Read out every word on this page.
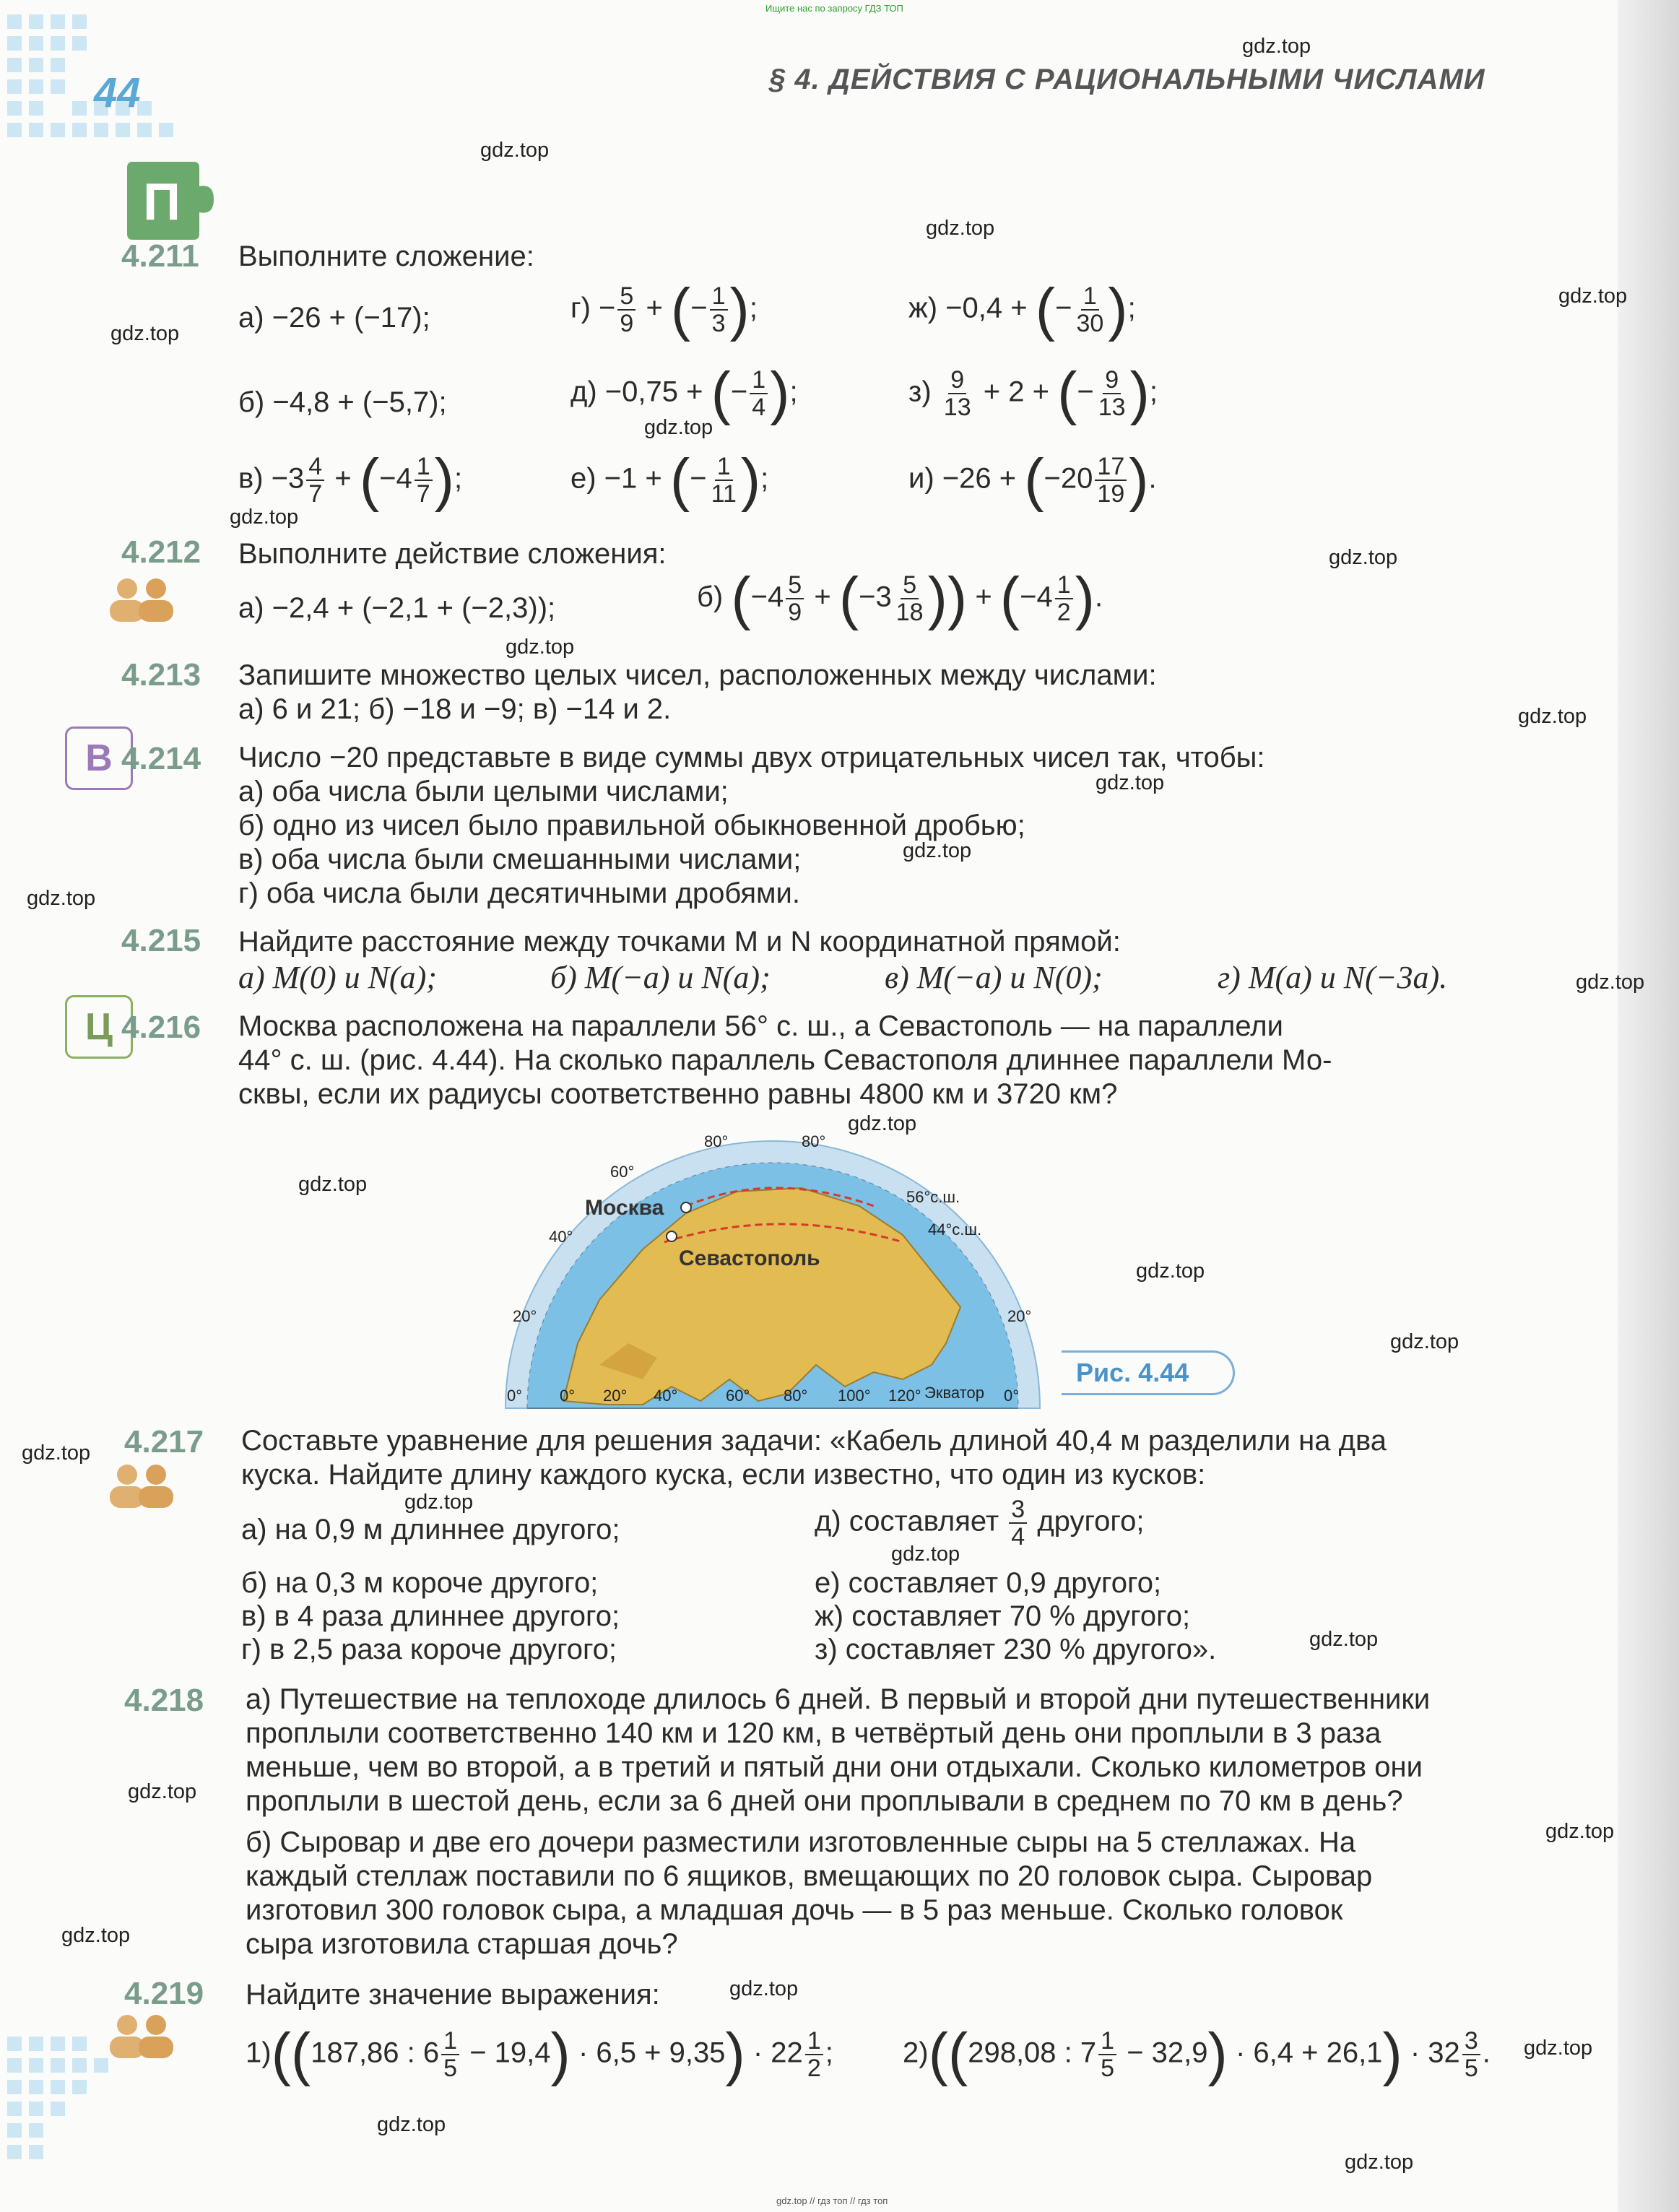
Ищите нас по запросу ГДЗ ТОП
gdz.top // гдз топ // гдз топ
44	§ 4. ДЕЙСТВИЯ С РАЦИОНАЛЬНЫМИ ЧИСЛАМИ
gdz.top
gdz.top
gdz.top
gdz.top
gdz.top
gdz.top
gdz.top
gdz.top
gdz.top
gdz.top
gdz.top
gdz.top
gdz.top
gdz.top
gdz.top
gdz.top
gdz.top
gdz.top
gdz.top
gdz.top
gdz.top
gdz.top
gdz.top
gdz.top
gdz.top
gdz.top
gdz.top
gdz.top
gdz.top
П
4.211 Выполните сложение:
а) −26 + (−17);	$г) - \frac{5}{9}$ + (− $\frac{1}{3}$ );	ж) −0,4 + (− $\frac{1}{30}$ );
б) −4,8 + (−5,7);	д) −0,75 + (− $\frac{1}{4}$ );	$з) \frac{9}{13} + 2$ + (− $\frac{9}{13}$ );
$в) -3 \frac{4}{7} + (-4 \frac{1}{7}$ );	е) −1 + (− $\frac{1}{11}$ );	$и) -26 + (-20 \frac{17}{19}$ ).
4.212 Выполните действие сложения:
а) −2,4 + (−2,1 + (−2,3));	б) ($-4 \frac{5}{9} + (-3 \frac{5}{18}$ )) + ($-4 \frac{1}{2}$ ).
4.213 Запишите множество целых чисел, расположенных между числами:
а) 6 и 21; б) −18 и −9; в) −14 и 2.
В 4.214 Число −20 представьте в виде суммы двух отрицательных чисел так, чтобы:
а) оба числа были целыми числами;
б) одно из чисел было правильной обыкновенной дробью;
в) оба числа были смешанными числами;
г) оба числа были десятичными дробями.
4.215 Найдите расстояние между точками M и N координатной прямой:
а) M(0) и N(a);	б) M(−a) и N(a);	в) M(−a) и N(0);	г) M(a) и N(−3a).
Ц 4.216 Москва расположена на параллели 56° с. ш., а Севастополь — на параллели
44° с. ш. (рис. 4.44). На сколько параллель Севастополя длиннее параллели Мо-
сквы, если их радиусы соответственно равны 4800 км и 3720 км?
Москва
Севастополь
56°с.ш.
44°с.ш.
Экватор
0° 0° 20° 40°	60° 80° 100° 120°	0°
20°
40°
60°
80°	80°
20°
Рис. 4.44
4.217 Составьте уравнение для решения задачи: «Кабель длиной 40,4 м разделили на два
куска. Найдите длину каждого куска, если известно, что один из кусков:
а) на 0,9 м длиннее другого;	д) составляет $\frac{3}{4}$ другого;
б) на 0,3 м короче другого;	е) составляет 0,9 другого;
в) в 4 раза длиннее другого;	ж) составляет 70 % другого;
г) в 2,5 раза короче другого;	з) составляет 230 % другого».
4.218 а) Путешествие на теплоходе длилось 6 дней. В первый и второй дни путешественники
проплыли соответственно 140 км и 120 км, в четвёртый день они проплыли в 3 раза
меньше, чем во второй, а в третий и пятый дни они отдыхали. Сколько километров они
проплыли в шестой день, если за 6 дней они проплывали в среднем по 70 км в день?
б) Сыровар и две его дочери разместили изготовленные сыры на 5 стеллажах. На
каждый стеллаж поставили по 6 ящиков, вмещающих по 20 головок сыра. Сыровар
изготовил 300 головок сыра, а младшая дочь — в 5 раз меньше. Сколько головок
сыра изготовила старшая дочь?
4.219 Найдите значение выражения:
1)((187,86 : $6 \frac{1}{5} - 19,4) \cdot 6,5 + 9,35) \cdot 22 \frac{1}{2}$ ; 2)((298,08 : $7 \frac{1}{5} - 32,9) \cdot 6,4 + 26,1) \cdot 32 \frac{3}{5}$ .
